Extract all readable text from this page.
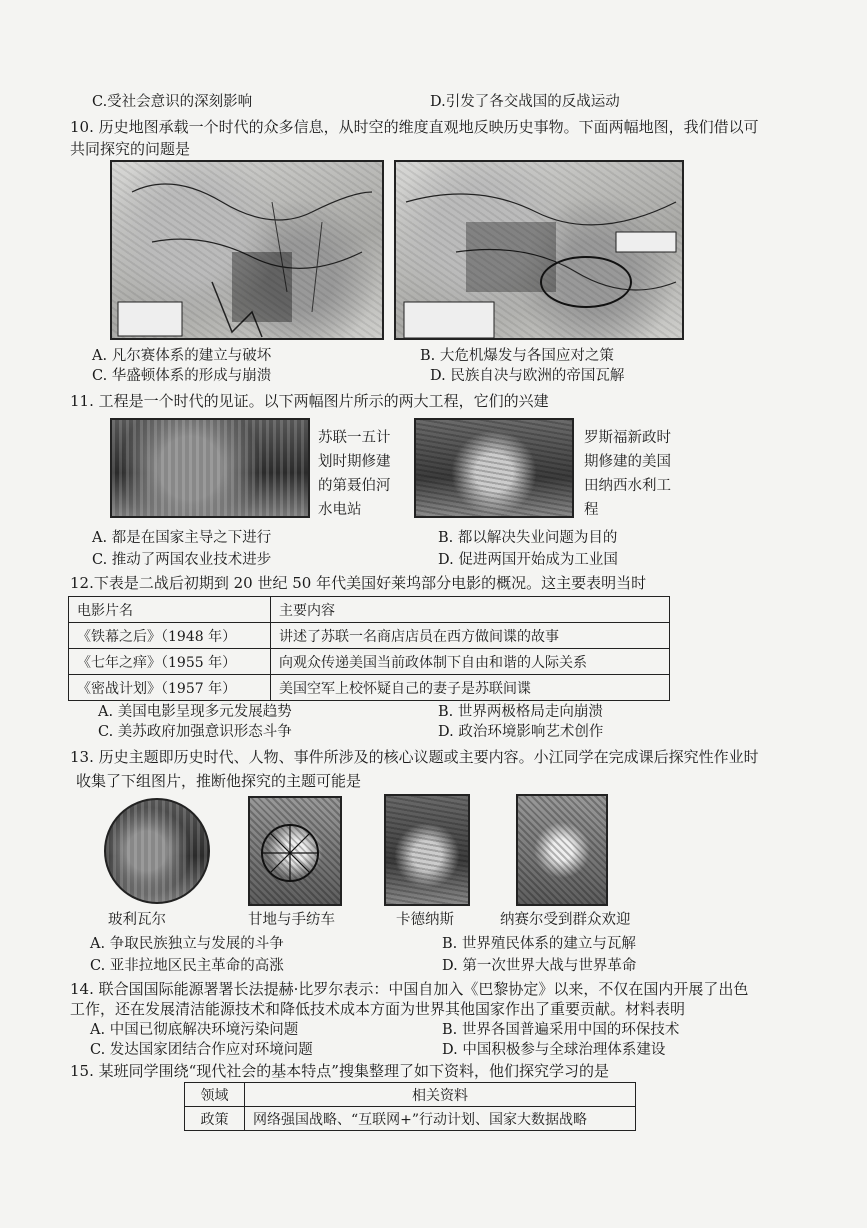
C.受社会意识的深刻影响	D.引发了各交战国的反战运动
10. 历史地图承载一个时代的众多信息，从时空的维度直观地反映历史事物。下面两幅地图，我们借以可
共同探究的问题是
A. 凡尔赛体系的建立与破坏	B. 大危机爆发与各国应对之策
C. 华盛顿体系的形成与崩溃	D. 民族自决与欧洲的帝国瓦解
11. 工程是一个时代的见证。以下两幅图片所示的两大工程，它们的兴建
苏联一五计
划时期修建
的第聂伯河
水电站
罗斯福新政时
期修建的美国
田纳西水利工
程
A. 都是在国家主导之下进行	B. 都以解决失业问题为目的
C. 推动了两国农业技术进步	D. 促进两国开始成为工业国
12.下表是二战后初期到 20 世纪 50 年代美国好莱坞部分电影的概况。这主要表明当时
电影片名	主要内容
《铁幕之后》（1948 年）	讲述了苏联一名商店店员在西方做间谍的故事
《七年之痒》（1955 年）	向观众传递美国当前政体制下自由和谐的人际关系
《密战计划》（1957 年）	美国空军上校怀疑自己的妻子是苏联间谍
A. 美国电影呈现多元发展趋势	B. 世界两极格局走向崩溃
C. 美苏政府加强意识形态斗争	D. 政治环境影响艺术创作
13. 历史主题即历史时代、人物、事件所涉及的核心议题或主要内容。小江同学在完成课后探究性作业时
收集了下组图片，推断他探究的主题可能是
玻利瓦尔	甘地与手纺车	卡德纳斯	纳赛尔受到群众欢迎
A. 争取民族独立与发展的斗争	B. 世界殖民体系的建立与瓦解
C. 亚非拉地区民主革命的高涨	D. 第一次世界大战与世界革命
14. 联合国国际能源署署长法提赫·比罗尔表示：中国自加入《巴黎协定》以来，不仅在国内开展了出色
工作，还在发展清洁能源技术和降低技术成本方面为世界其他国家作出了重要贡献。材料表明
A. 中国已彻底解决环境污染问题	B. 世界各国普遍采用中国的环保技术
C. 发达国家团结合作应对环境问题	D. 中国积极参与全球治理体系建设
15. 某班同学围绕“现代社会的基本特点”搜集整理了如下资料，他们探究学习的是
领域	相关资料
政策	网络强国战略、“互联网+”行动计划、国家大数据战略
